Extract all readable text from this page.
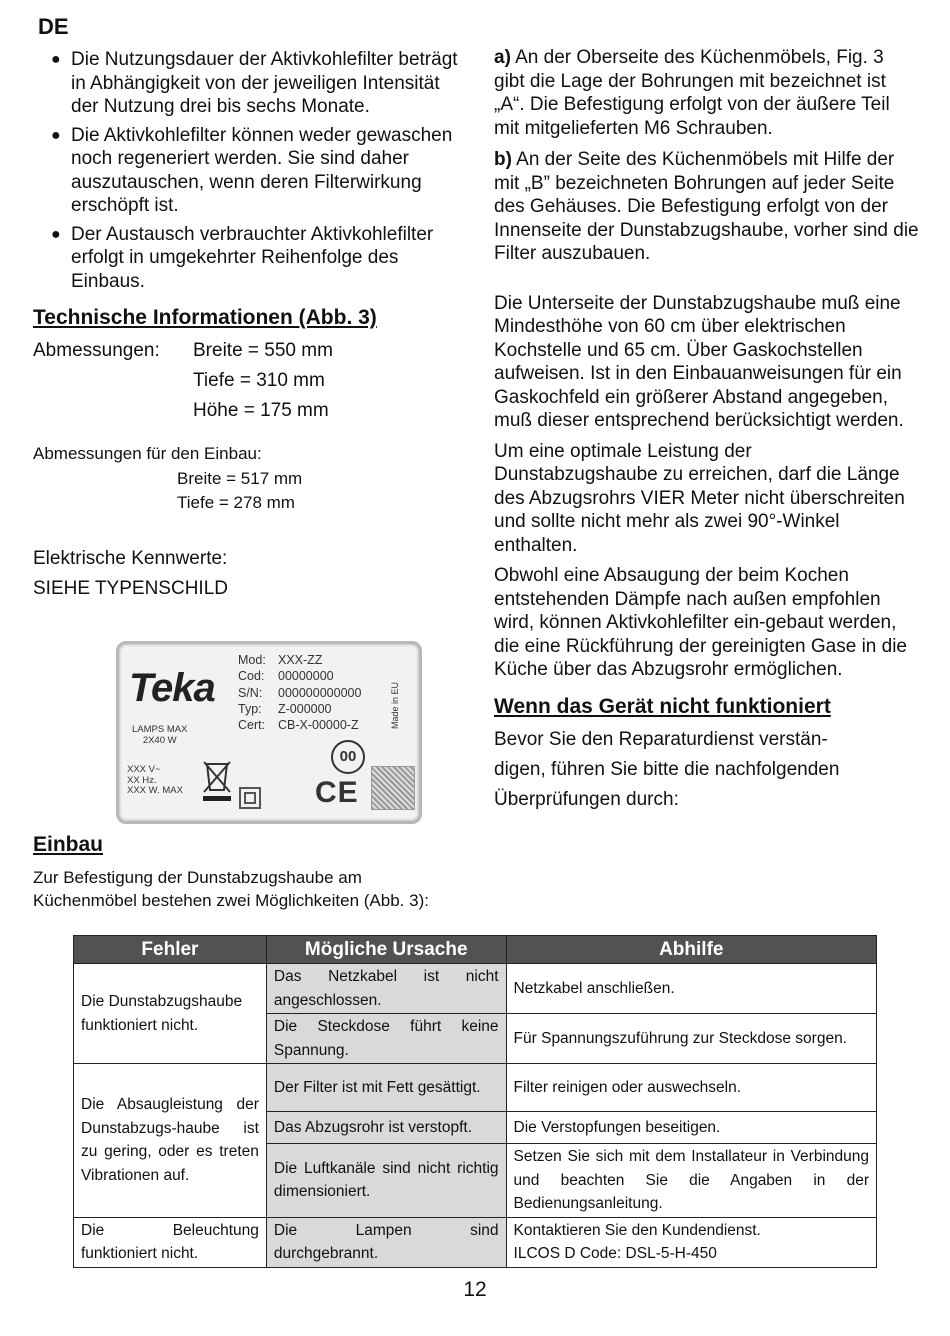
DE
● Die Nutzungsdauer der Aktivkohlefilter beträgt in Abhängigkeit von der jeweiligen Intensität der Nutzung drei bis sechs Monate.
● Die Aktivkohlefilter können weder gewaschen noch regeneriert werden. Sie sind daher auszutauschen, wenn deren Filterwirkung erschöpft ist.
● Der Austausch verbrauchter Aktivkohlefilter erfolgt in umgekehrter Reihenfolge des Einbaus.
Technische Informationen (Abb. 3)
Abmessungen:	Breite = 550 mm
Tiefe = 310 mm
Höhe = 175 mm
Abmessungen für den Einbau:
Breite = 517 mm
Tiefe = 278 mm
Elektrische Kennwerte:
SIEHE TYPENSCHILD
Teka
Mod: XXX-ZZ
Cod:	00000000
S/N:	000000000000
Typ:	Z-000000
Cert:	CB-X-00000-Z
LAMPS MAX
2X40 W
XXX V~
XX Hz.
XXX W. MAX
00
CE
Made in EU
Einbau
Zur Befestigung der Dunstabzugshaube am Küchenmöbel bestehen zwei Möglichkeiten (Abb. 3):

a) An der Oberseite des Küchenmöbels, Fig. 3 gibt die Lage der Bohrungen mit bezeichnet ist „A“. Die Befestigung erfolgt von der äußere Teil mit mitgelieferten M6 Schrauben.

b) An der Seite des Küchenmöbels mit Hilfe der mit „B” bezeichneten Bohrungen auf jeder Seite des Gehäuses. Die Befestigung erfolgt von der Innenseite der Dunstabzugshaube, vorher sind die Filter auszubauen.

Die Unterseite der Dunstabzugshaube muß eine Mindesthöhe von 60 cm über elektrischen Kochstelle und 65 cm. Über Gaskochstellen aufweisen. Ist in den Einbauanweisungen für ein Gaskochfeld ein größerer Abstand angegeben, muß dieser entsprechend berücksichtigt werden.

Um eine optimale Leistung der Dunstabzugshaube zu erreichen, darf die Länge des Abzugsrohrs VIER Meter nicht überschreiten und sollte nicht mehr als zwei 90°-Winkel enthalten.

Obwohl eine Absaugung der beim Kochen entstehenden Dämpfe nach außen empfohlen wird, können Aktivkohlefilter ein-gebaut werden, die eine Rückführung der gereinigten Gase in die Küche über das Abzugsrohr ermöglichen.

Wenn das Gerät nicht funktioniert
Bevor Sie den Reparaturdienst verstän-
digen, führen Sie bitte die nachfolgenden
Überprüfungen durch:
Fehler	Mögliche Ursache	Abhilfe
Die Dunstabzugshaube funktioniert nicht.	Das Netzkabel ist nicht angeschlossen.	Netzkabel anschließen.
	Die Steckdose führt keine Spannung.	Für Spannungszuführung zur Steckdose sorgen.
Die Absaugleistung der Dunstabzugs-haube ist zu gering, oder es treten Vibrationen auf.	Der Filter ist mit Fett gesättigt.	Filter reinigen oder auswechseln.
	Das Abzugsrohr ist verstopft.	Die Verstopfungen beseitigen.
	Die Luftkanäle sind nicht richtig dimensioniert.	Setzen Sie sich mit dem Installateur in Verbindung und beachten Sie die Angaben in der Bedienungsanleitung.
Die Beleuchtung funktioniert nicht.	Die Lampen sind durchgebrannt.	Kontaktieren Sie den Kundendienst.
ILCOS D Code: DSL-5-H-450
12
